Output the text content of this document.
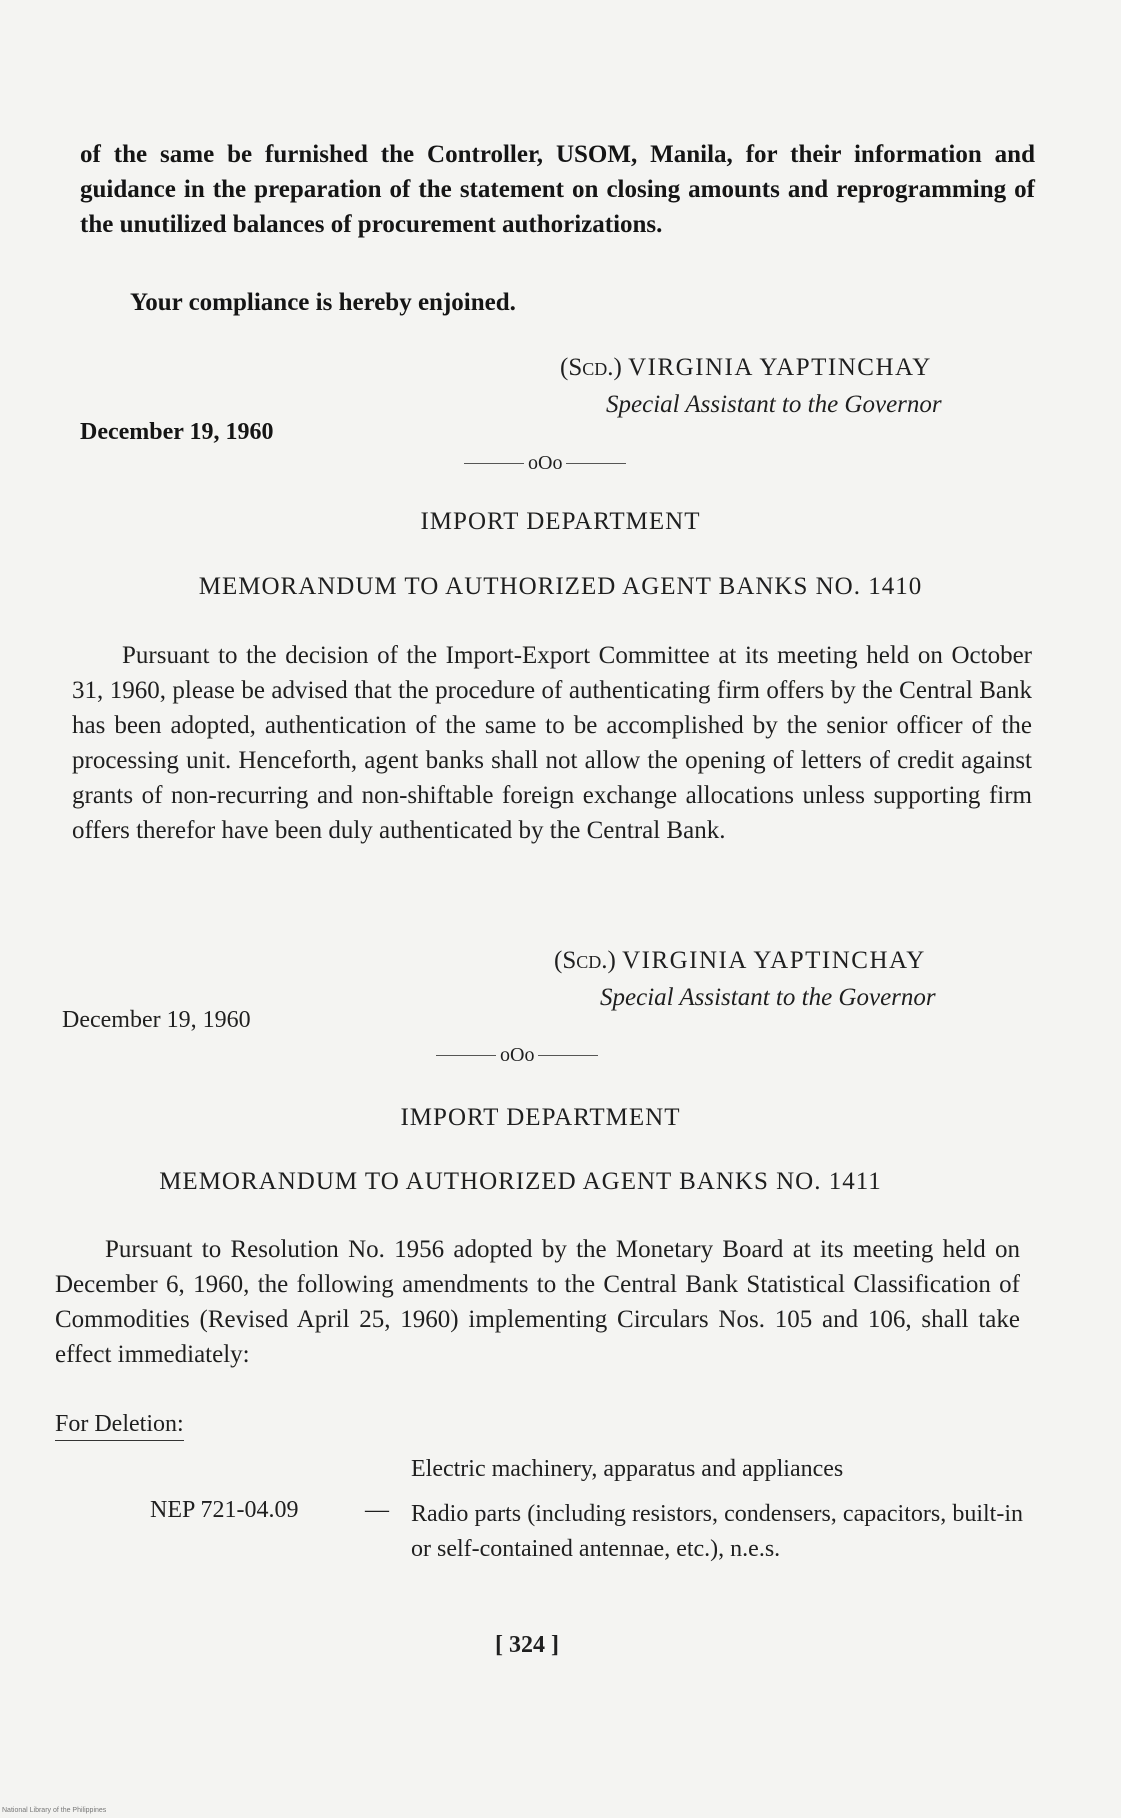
of the same be furnished the Controller, USOM, Manila, for their information and guidance in the preparation of the statement on closing amounts and reprogramming of the unutilized balances of procurement authorizations.

Your compliance is hereby enjoined.

(Scd.) VIRGINIA YAPTINCHAY
Special Assistant to the Governor
December 19, 1960
oOo
IMPORT DEPARTMENT
MEMORANDUM TO AUTHORIZED AGENT BANKS NO. 1410

Pursuant to the decision of the Import-Export Committee at its meeting held on October 31, 1960, please be advised that the procedure of authenticating firm offers by the Central Bank has been adopted, authentication of the same to be accomplished by the senior officer of the processing unit. Henceforth, agent banks shall not allow the opening of letters of credit against grants of non-recurring and non-shiftable foreign exchange allocations unless supporting firm offers therefor have been duly authenticated by the Central Bank.

(Scd.) VIRGINIA YAPTINCHAY
Special Assistant to the Governor
December 19, 1960
oOo
IMPORT DEPARTMENT
MEMORANDUM TO AUTHORIZED AGENT BANKS NO. 1411

Pursuant to Resolution No. 1956 adopted by the Monetary Board at its meeting held on December 6, 1960, the following amendments to the Central Bank Statistical Classification of Commodities (Revised April 25, 1960) implementing Circulars Nos. 105 and 106, shall take effect immediately:

For Deletion:
Electric machinery, apparatus and appliances
NEP 721-04.09	— Radio parts (including resistors, condensers, capacitors, built-in or self-contained antennae, etc.), n.e.s.

[ 324 ]
National Library of the Philippines
